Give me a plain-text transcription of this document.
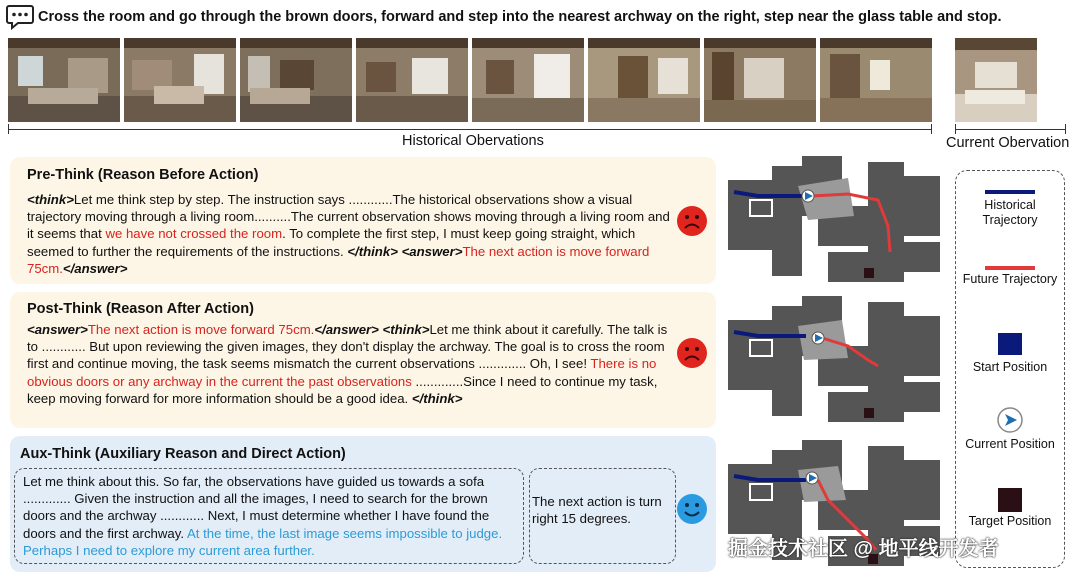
Cross the room and go through the brown doors, forward and step into the nearest archway on the right, step near the glass table and stop.
Historical Obervations	Current Obervation
Pre-Think (Reason Before Action)
<think>Let me think step by step. The instruction says ............The historical observations show a visual trajectory moving through a living room..........The current observation shows moving through a living room and it seems that we have not crossed the room. To complete the first step, I must keep going straight, which seemed to further the requirements of the instructions. </think> <answer>The next action is move forward 75cm.</answer>
Post-Think (Reason After Action)
<answer>The next action is move forward 75cm.</answer> <think>Let me think about it carefully. The talk is to ............ But upon reviewing the given images, they don't display the archway. The goal is to cross the room first and continue moving, the task seems mismatch the current observations ............. Oh, I see! There is no obvious doors or any archway in the current the past observations .............Since I need to continue my task, keep moving forward for more information should be a good idea. </think>
Aux-Think (Auxiliary Reason and Direct Action)
Let me think about this. So far, the observations have guided us towards a sofa ............. Given the instruction and all the images, I need to search for the brown doors and the archway ............ Next, I must determine whether I have found the doors and the first archway. At the time, the last image seems impossible to judge. Perhaps I need to explore my current area further.
The next action is turn right 15 degrees.
Historical Trajectory
Future Trajectory
Start Position
Current Position
Target Position
掘金技术社区 @ 地平线开发者
